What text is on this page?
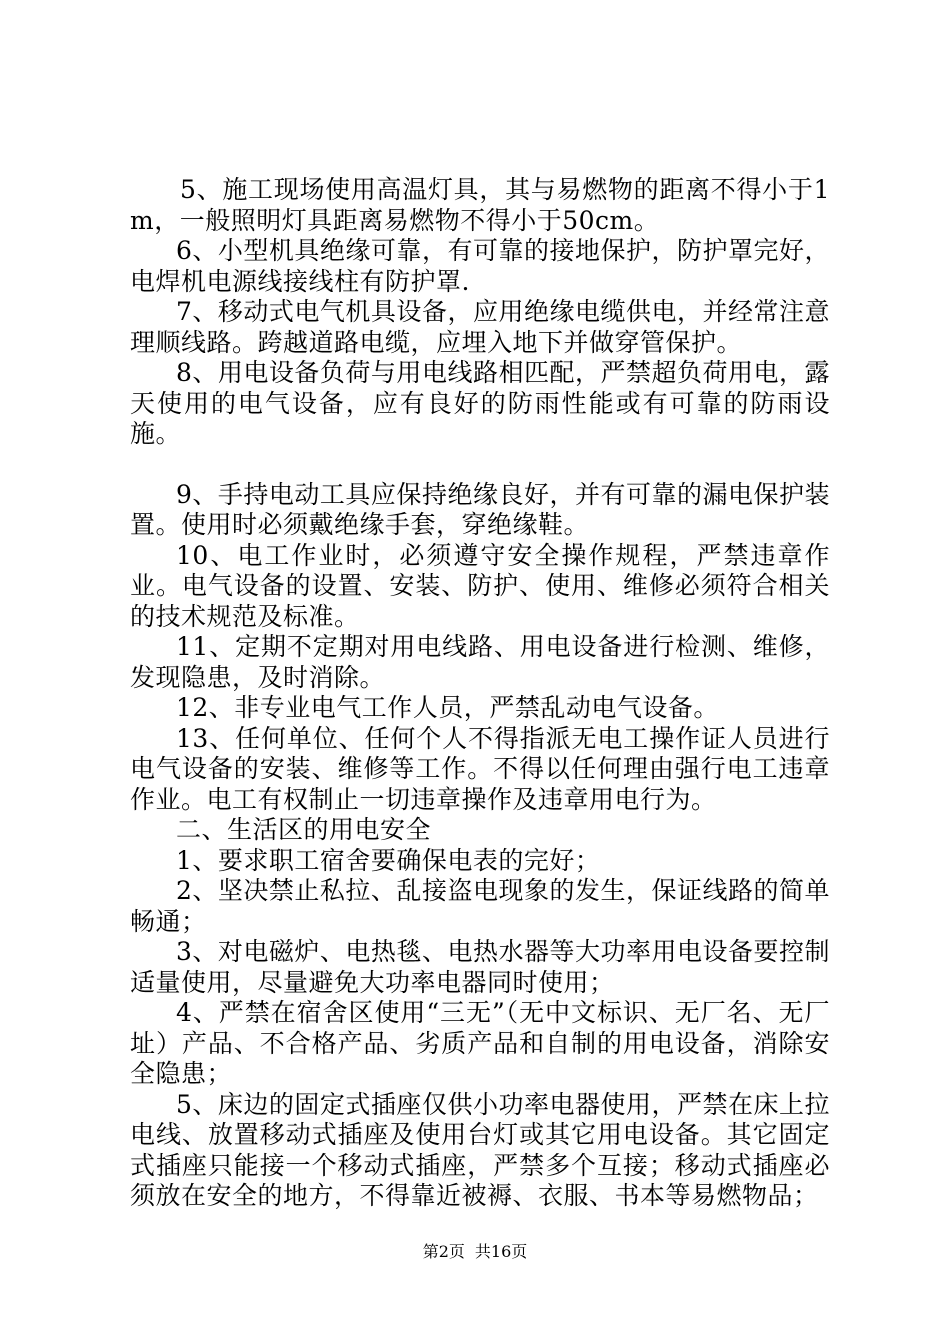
5、施工现场使用高温灯具，其与易燃物的距离不得小于1m，一般照明灯具距离易燃物不得小于50cm。

6、小型机具绝缘可靠，有可靠的接地保护，防护罩完好，电焊机电源线接线柱有防护罩.

7、移动式电气机具设备，应用绝缘电缆供电，并经常注意理顺线路。跨越道路电缆，应埋入地下并做穿管保护。

8、用电设备负荷与用电线路相匹配，严禁超负荷用电，露天使用的电气设备，应有良好的防雨性能或有可靠的防雨设施。

9、手持电动工具应保持绝缘良好，并有可靠的漏电保护装置。使用时必须戴绝缘手套，穿绝缘鞋。

10、电工作业时，必须遵守安全操作规程，严禁违章作业。电气设备的设置、安装、防护、使用、维修必须符合相关的技术规范及标准。

11、定期不定期对用电线路、用电设备进行检测、维修，发现隐患，及时消除。

12、非专业电气工作人员，严禁乱动电气设备。

13、任何单位、任何个人不得指派无电工操作证人员进行电气设备的安装、维修等工作。不得以任何理由强行电工违章作业。电工有权制止一切违章操作及违章用电行为。

二、生活区的用电安全

1、要求职工宿舍要确保电表的完好；

2、坚决禁止私拉、乱接盗电现象的发生，保证线路的简单畅通；

3、对电磁炉、电热毯、电热水器等大功率用电设备要控制适量使用，尽量避免大功率电器同时使用；

4、严禁在宿舍区使用“三无”（无中文标识、无厂名、无厂址）产品、不合格产品、劣质产品和自制的用电设备，消除安全隐患；

5、床边的固定式插座仅供小功率电器使用，严禁在床上拉电线、放置移动式插座及使用台灯或其它用电设备。其它固定式插座只能接一个移动式插座，严禁多个互接；移动式插座必须放在安全的地方，不得靠近被褥、衣服、书本等易燃物品；

第2页 共16页
